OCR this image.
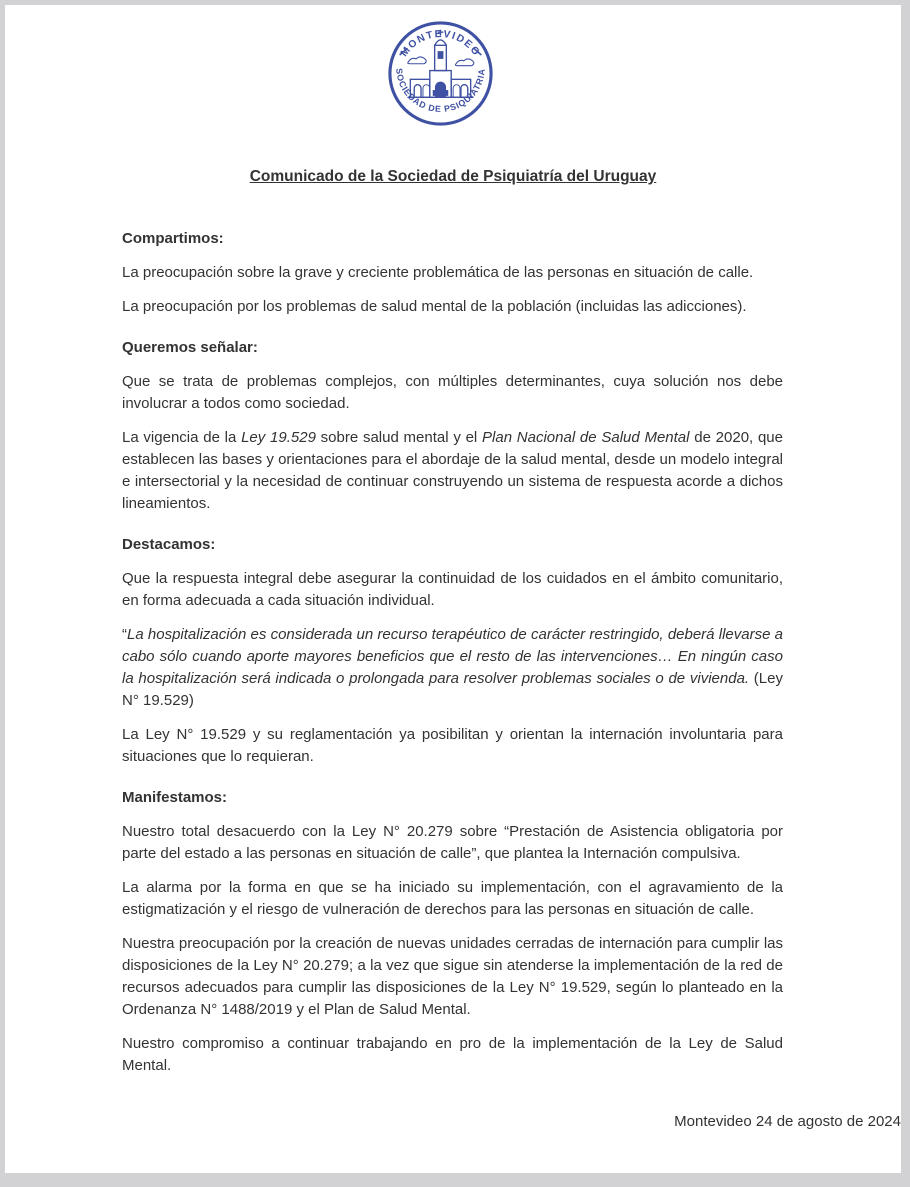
MONTEVIDEO
SOCIEDAD DE PSIQUIATRIA
Comunicado de la Sociedad de Psiquiatría del Uruguay
Compartimos:

La preocupación sobre la grave y creciente problemática de las personas en situación de calle.

La preocupación por los problemas de salud mental de la población (incluidas las adicciones).

Queremos señalar:

Que se trata de problemas complejos, con múltiples determinantes, cuya solución nos debe involucrar a todos como sociedad.

La vigencia de la Ley 19.529 sobre salud mental y el Plan Nacional de Salud Mental de 2020, que establecen las bases y orientaciones para el abordaje de la salud mental, desde un modelo integral e intersectorial y la necesidad de continuar construyendo un sistema de respuesta acorde a dichos lineamientos.

Destacamos:

Que la respuesta integral debe asegurar la continuidad de los cuidados en el ámbito comunitario, en forma adecuada a cada situación individual.

“La hospitalización es considerada un recurso terapéutico de carácter restringido, deberá llevarse a cabo sólo cuando aporte mayores beneficios que el resto de las intervenciones… En ningún caso la hospitalización será indicada o prolongada para resolver problemas sociales o de vivienda. (Ley N° 19.529)

La Ley N° 19.529 y su reglamentación ya posibilitan y orientan la internación involuntaria para situaciones que lo requieran.

Manifestamos:

Nuestro total desacuerdo con la Ley N° 20.279 sobre “Prestación de Asistencia obligatoria por parte del estado a las personas en situación de calle”, que plantea la Internación compulsiva.

La alarma por la forma en que se ha iniciado su implementación, con el agravamiento de la estigmatización y el riesgo de vulneración de derechos para las personas en situación de calle.

Nuestra preocupación por la creación de nuevas unidades cerradas de internación para cumplir las disposiciones de la Ley N° 20.279; a la vez que sigue sin atenderse la implementación de la red de recursos adecuados para cumplir las disposiciones de la Ley N° 19.529, según lo planteado en la Ordenanza N° 1488/2019 y el Plan de Salud Mental.

Nuestro compromiso a continuar trabajando en pro de la implementación de la Ley de Salud Mental.

Montevideo 24 de agosto de 2024
